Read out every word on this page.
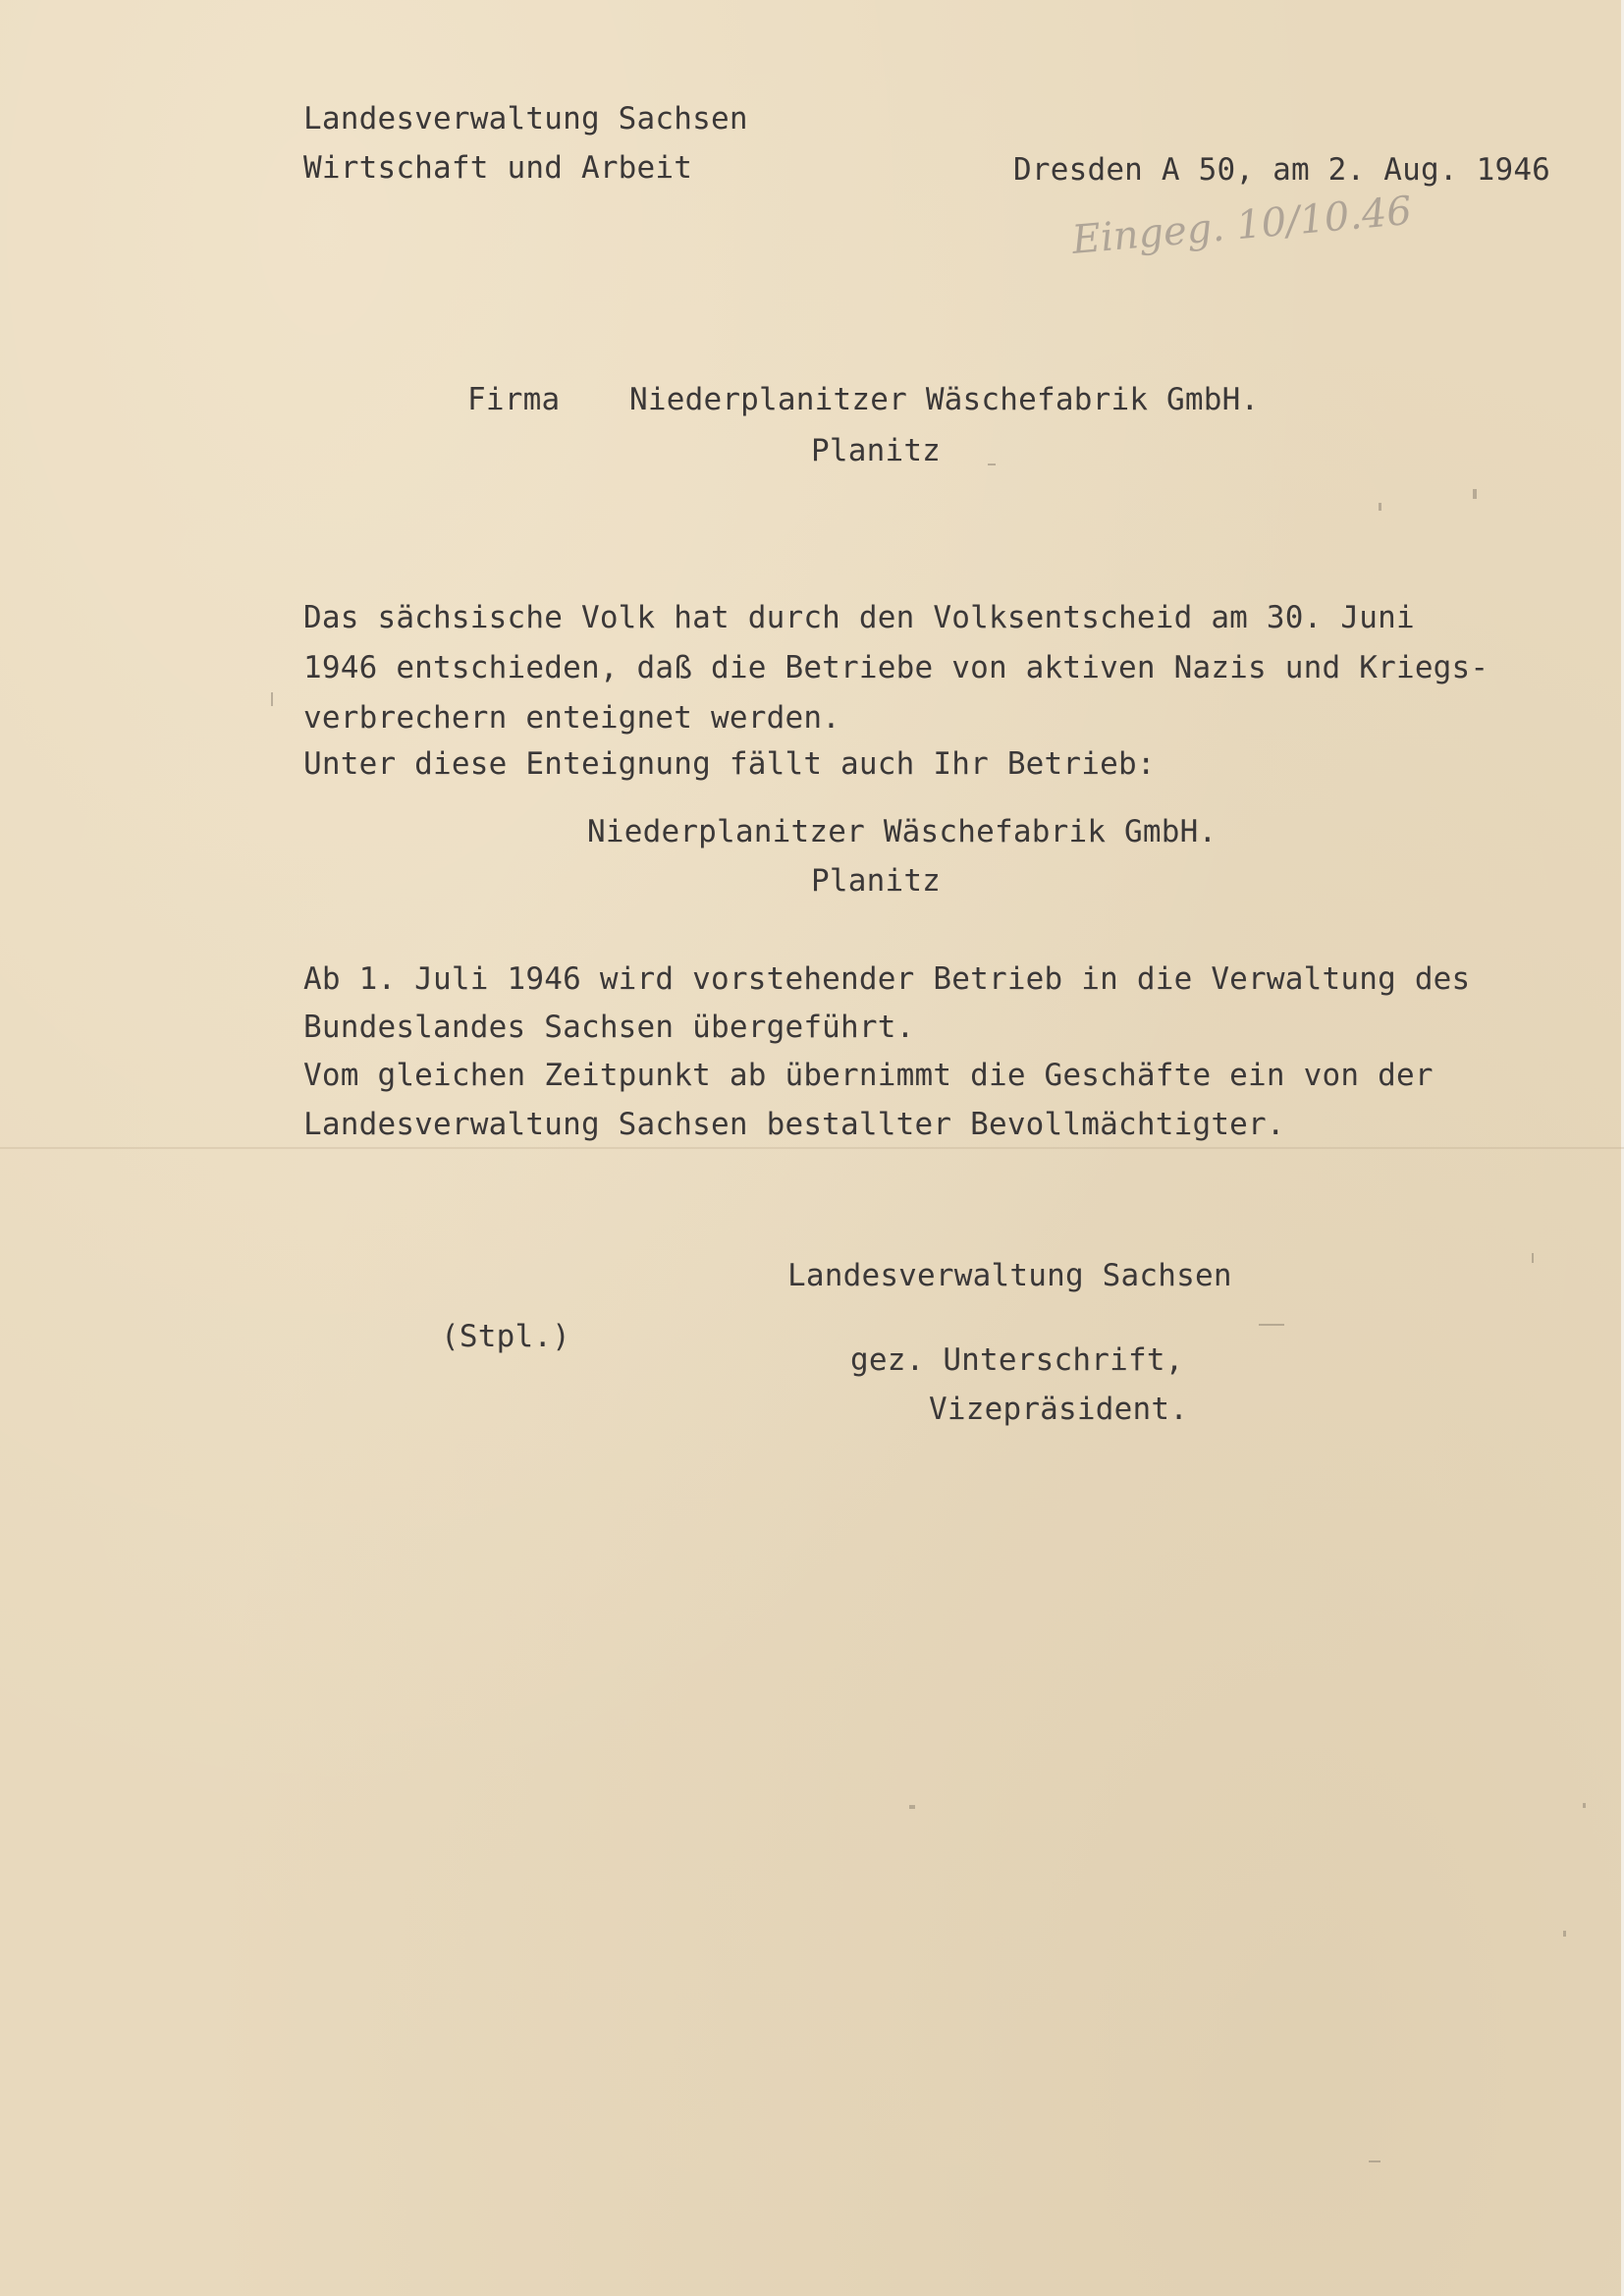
Landesverwaltung Sachsen
Wirtschaft und Arbeit	Dresden A 50, am 2. Aug. 1946
Eingeg. 10/10.46
Firma Niederplanitzer Wäschefabrik GmbH.
Planitz
Das sächsische Volk hat durch den Volksentscheid am 30. Juni
1946 entschieden, daß die Betriebe von aktiven Nazis und Kriegs-
verbrechern enteignet werden.
Unter diese Enteignung fällt auch Ihr Betrieb:
Niederplanitzer Wäschefabrik GmbH.
Planitz
Ab 1. Juli 1946 wird vorstehender Betrieb in die Verwaltung des
Bundeslandes Sachsen übergeführt.
Vom gleichen Zeitpunkt ab übernimmt die Geschäfte ein von der
Landesverwaltung Sachsen bestallter Bevollmächtigter.
Landesverwaltung Sachsen
(Stpl.)
gez. Unterschrift,
Vizepräsident.
